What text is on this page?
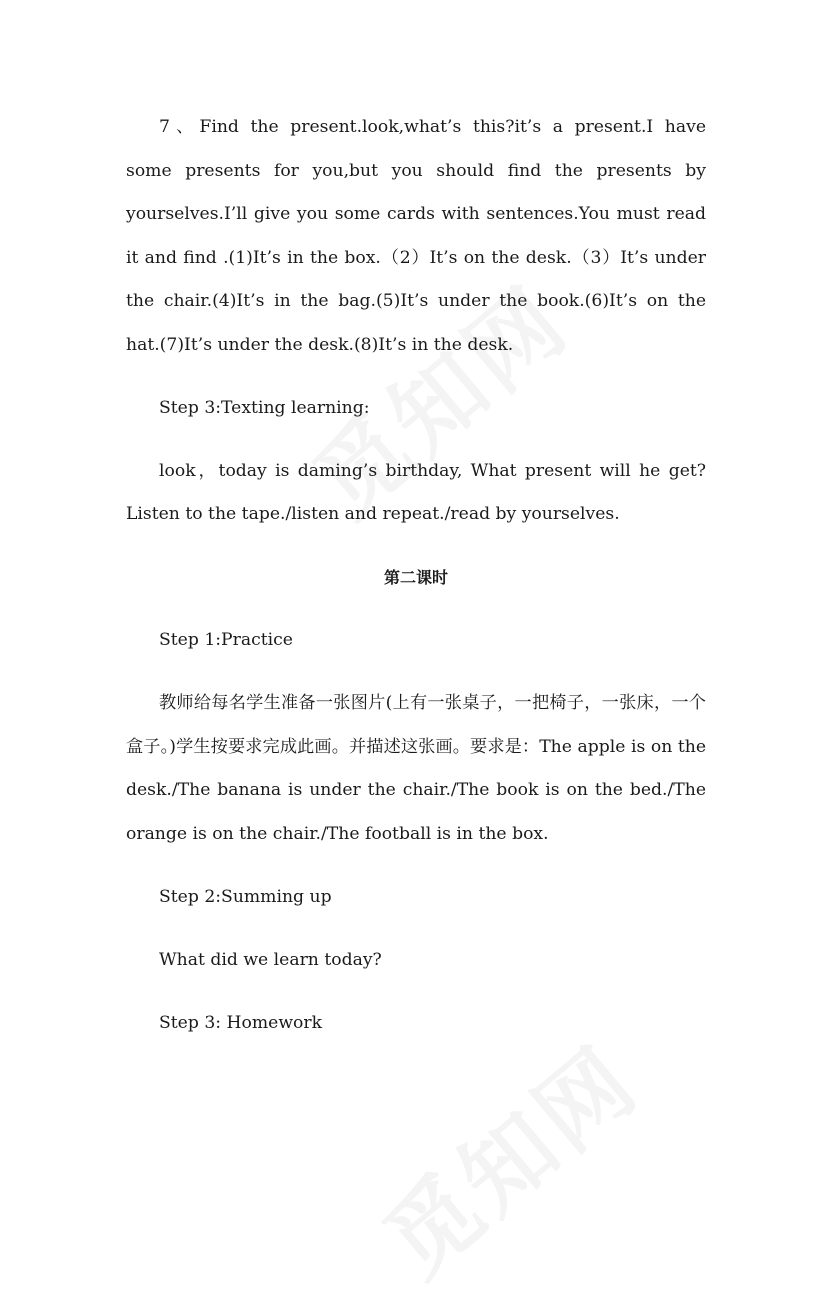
7、Find the present.look,what’s this?it’s a present.I have some presents for you,but you should find the presents by yourselves.I’ll give you some cards with sentences.You must read it and find .(1)It’s in the box.（2）It’s on the desk.（3）It’s under the chair.(4)It’s in the bag.(5)It’s under the book.(6)It’s on the hat.(7)It’s under the desk.(8)It’s in the desk.

Step 3:Texting learning:

look，today is daming’s birthday, What present will he get?Listen to the tape./listen and repeat./read by yourselves.

第二课时

Step 1:Practice

教师给每名学生准备一张图片(上有一张桌子，一把椅子，一张床，一个盒子。)学生按要求完成此画。并描述这张画。要求是：The apple is on the desk./The banana is under the chair./The book is on the bed./The orange is on the chair./The football is in the box.

Step 2:Summing up

What did we learn today?

Step 3: Homework
